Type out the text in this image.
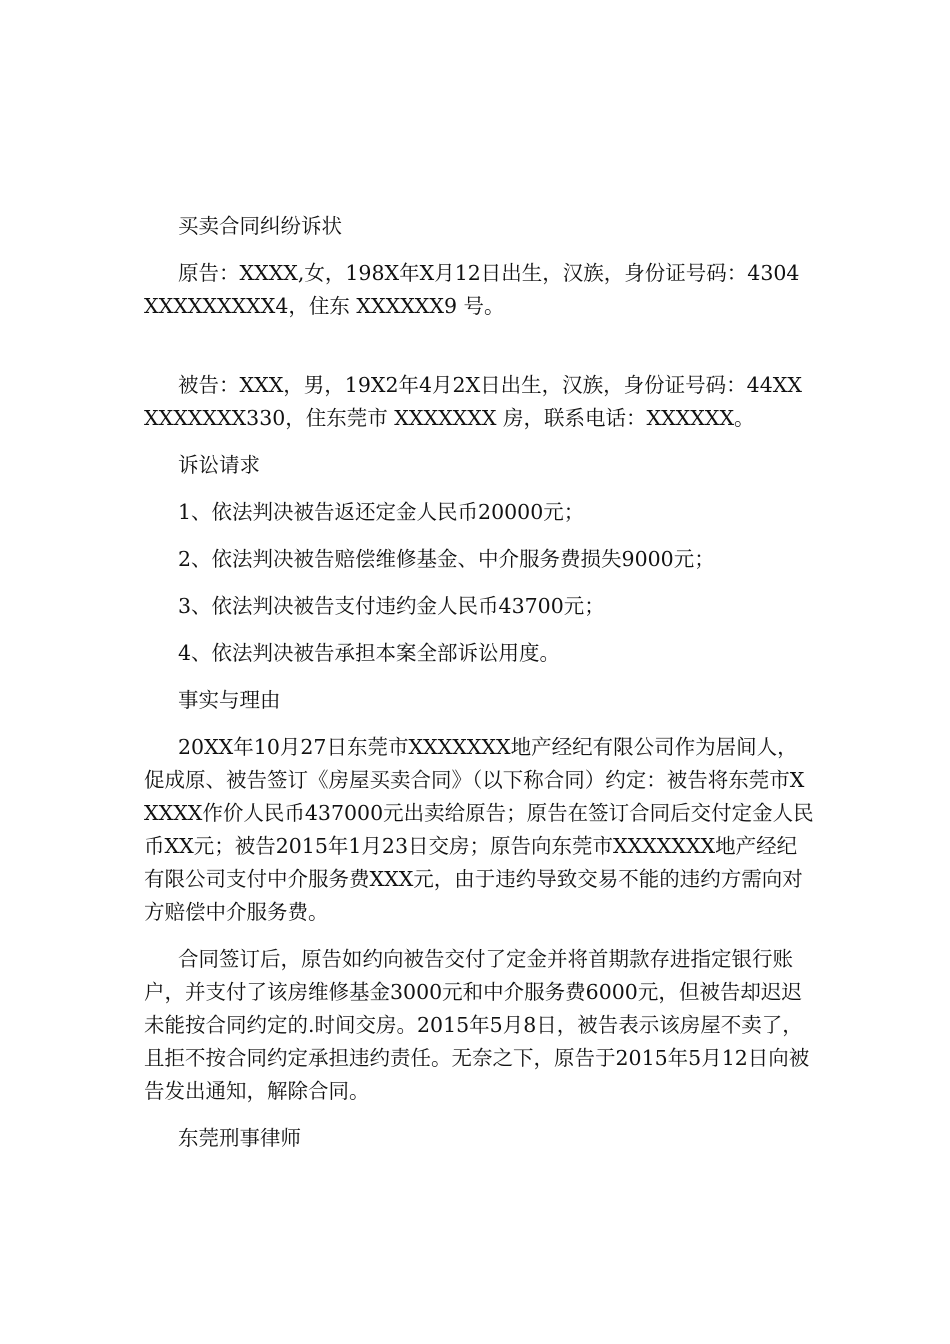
买卖合同纠纷诉状

原告：XXXX,女，198X年X月12日出生，汉族，身份证号码：4304XXXXXXXXX4，住东 XXXXXX9 号。

被告：XXX，男，19X2年4月2X日出生，汉族，身份证号码：44XXXXXXXXX330，住东莞市 XXXXXXX 房，联系电话：XXXXXX。

诉讼请求

1、依法判决被告返还定金人民币20000元；

2、依法判决被告赔偿维修基金、中介服务费损失9000元；

3、依法判决被告支付违约金人民币43700元；

4、依法判决被告承担本案全部诉讼用度。

事实与理由

20XX年10月27日东莞市XXXXXXX地产经纪有限公司作为居间人，促成原、被告签订《房屋买卖合同》（以下称合同）约定：被告将东莞市XXXXX作价人民币437000元出卖给原告；原告在签订合同后交付定金人民币XX元；被告2015年1月23日交房；原告向东莞市XXXXXXX地产经纪有限公司支付中介服务费XXX元，由于违约导致交易不能的违约方需向对方赔偿中介服务费。

合同签订后，原告如约向被告交付了定金并将首期款存进指定银行账户，并支付了该房维修基金3000元和中介服务费6000元，但被告却迟迟未能按合同约定的.时间交房。2015年5月8日，被告表示该房屋不卖了，且拒不按合同约定承担违约责任。无奈之下，原告于2015年5月12日向被告发出通知，解除合同。

东莞刑事律师
